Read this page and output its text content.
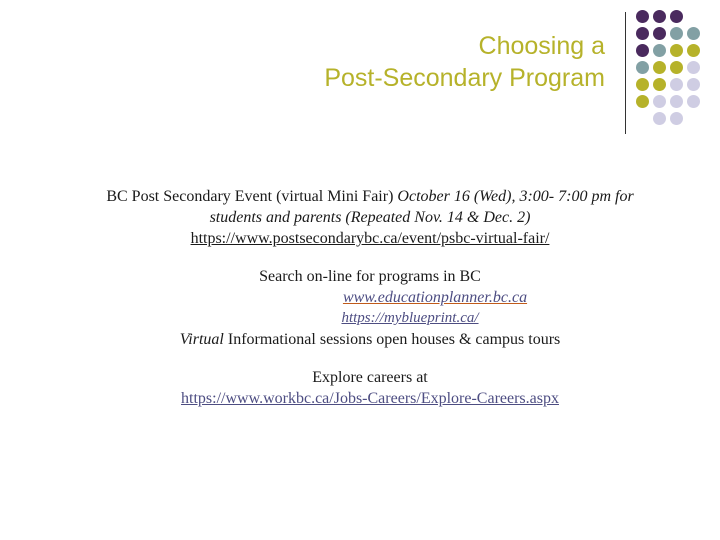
Choosing a
Post-Secondary Program
BC Post Secondary Event (virtual Mini Fair) October 16 (Wed), 3:00- 7:00 pm for
students and parents (Repeated Nov. 14 & Dec. 2)
https://www.postsecondarybc.ca/event/psbc-virtual-fair/
Search on-line for programs in BC
www.educationplanner.bc.ca
https://myblueprint.ca/
Virtual Informational sessions open houses & campus tours
Explore careers at
https://www.workbc.ca/Jobs-Careers/Explore-Careers.aspx
